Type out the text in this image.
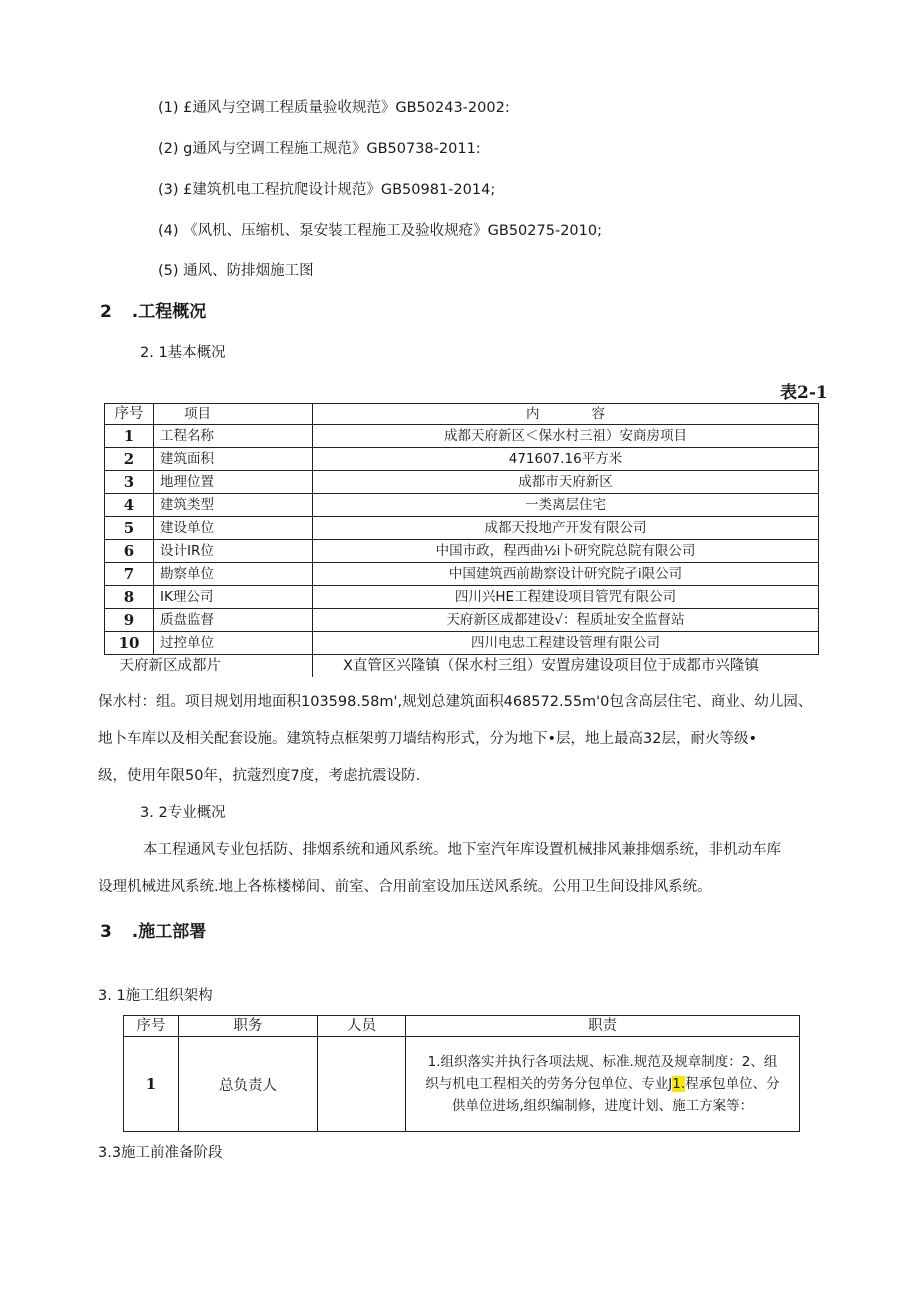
(1) £通风与空调工程质量验收规范》GB50243-2002:
(2) g通风与空调工程施工规范》GB50738-2011:
(3) £建筑机电工程抗爬设计规范》GB50981-2014;
(4) 《风机、压缩机、泵安装工程施工及验收规疮》GB50275-2010;
(5) 通风、防排烟施工图
2 .工程概况
2. 1基本概况
表2-1
序号	项目	内容
1	工程名称	成都天府新区＜保水村三祖）安商房项目
2	建筑面积	471607.16平方米
3	地理位置	成都市天府新区
4	建筑类型	一类离层住宅
5	建设单位	成都天投地产开发有限公司
6	设计IR位	中国市政，程西曲½i卜研究院总院有限公司
7	勘察单位	中国建筑西前勘察设计研究院孑i限公司
8	IK理公司	四川兴HE工程建设项目管咒有限公司
9	质盘监督	天府新区成都建设√：程质址安全监督站
10	过控单位	四川电忠工程建设管理有限公司
天府新区成都片		X直管区兴隆镇（保水村三组）安置房建设项目位于成都市兴隆镇
保水村：组。项目规划用地面积103598.58m',规划总建筑面积468572.55m'0包含高层住宅、商业、幼儿园、
地卜车库以及相关配套设施。建筑特点框架剪刀墙结构形式，分为地下•层，地上最高32层，耐火等级•
级，使用年限50年，抗蔻烈度7度，考虑抗震设防.
3. 2专业概况
本工程通风专业包括防、排烟系统和通风系统。地下室汽年库设置机械排风兼排烟系统，非机动车库
设理机械进风系统.地上各栋楼梯间、前室、合用前室设加压送风系统。公用卫生间设排风系统。
3 .施工部署
3. 1施工组织架构
序号	职务	人员	职责
1	总负责人		1.组织落实并执行各项法规、标准.规范及规章制度：2、组
织与机电工程相关的劳务分包单位、专业J1.程承包单位、分
供单位进场,组织编制修，进度计划、施工方案等：
3.3施工前准备阶段
